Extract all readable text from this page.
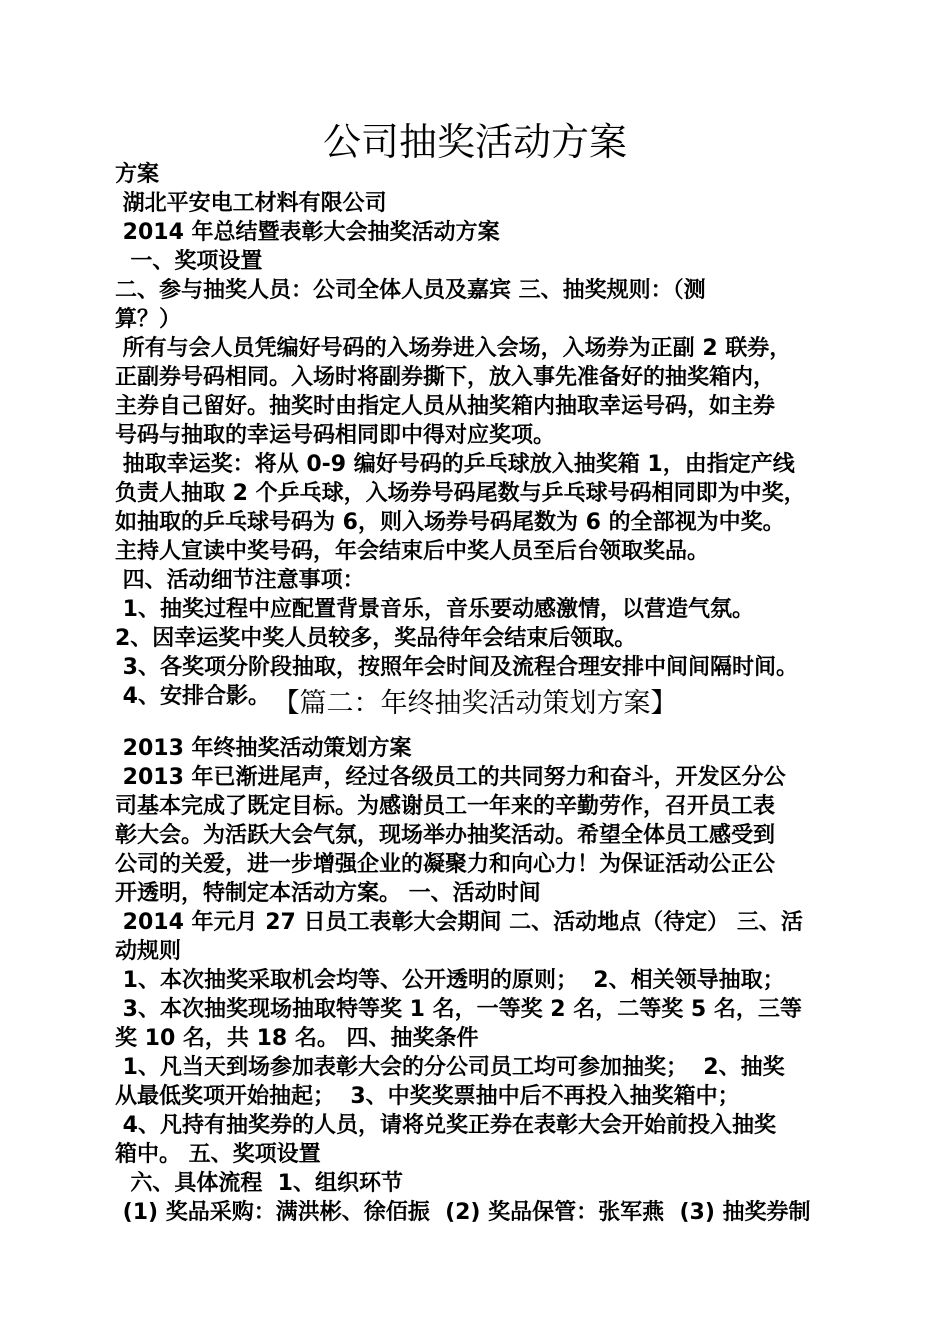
公司抽奖活动方案

方案

湖北平安电工材料有限公司

2014 年总结暨表彰大会抽奖活动方案

一、奖项设置

二、参与抽奖人员：公司全体人员及嘉宾 三、抽奖规则：（测

算？）

所有与会人员凭编好号码的入场券进入会场，入场券为正副 2 联券，

正副券号码相同。入场时将副券撕下，放入事先准备好的抽奖箱内，

主券自己留好。抽奖时由指定人员从抽奖箱内抽取幸运号码，如主券

号码与抽取的幸运号码相同即中得对应奖项。

抽取幸运奖：将从 0-9 编好号码的乒乓球放入抽奖箱 1，由指定产线

负责人抽取 2 个乒乓球，入场券号码尾数与乒乓球号码相同即为中奖，

如抽取的乒乓球号码为 6，则入场券号码尾数为 6 的全部视为中奖。

主持人宣读中奖号码，年会结束后中奖人员至后台领取奖品。

四、活动细节注意事项：

1、抽奖过程中应配置背景音乐，音乐要动感激情，以营造气氛。

2、因幸运奖中奖人员较多，奖品待年会结束后领取。

3、各奖项分阶段抽取，按照年会时间及流程合理安排中间间隔时间。

4、安排合影。 【篇二：年终抽奖活动策划方案】

2013 年终抽奖活动策划方案

2013 年已渐进尾声，经过各级员工的共同努力和奋斗，开发区分公

司基本完成了既定目标。为感谢员工一年来的辛勤劳作，召开员工表

彰大会。为活跃大会气氛，现场举办抽奖活动。希望全体员工感受到

公司的关爱，进一步增强企业的凝聚力和向心力！为保证活动公正公

开透明，特制定本活动方案。 一、活动时间

2014 年元月 27 日员工表彰大会期间 二、活动地点（待定） 三、活

动规则

1、本次抽奖采取机会均等、公开透明的原则；  2、相关领导抽取；

3、本次抽奖现场抽取特等奖 1 名，一等奖 2 名，二等奖 5 名，三等

奖 10 名，共 18 名。 四、抽奖条件

1、凡当天到场参加表彰大会的分公司员工均可参加抽奖；  2、抽奖

从最低奖项开始抽起；  3、中奖奖票抽中后不再投入抽奖箱中；

4、凡持有抽奖券的人员，请将兑奖正券在表彰大会开始前投入抽奖

箱中。 五、奖项设置

六、具体流程  1、组织环节

(1) 奖品采购：满洪彬、徐佰振  (2) 奖品保管：张军燕  (3) 抽奖券制
